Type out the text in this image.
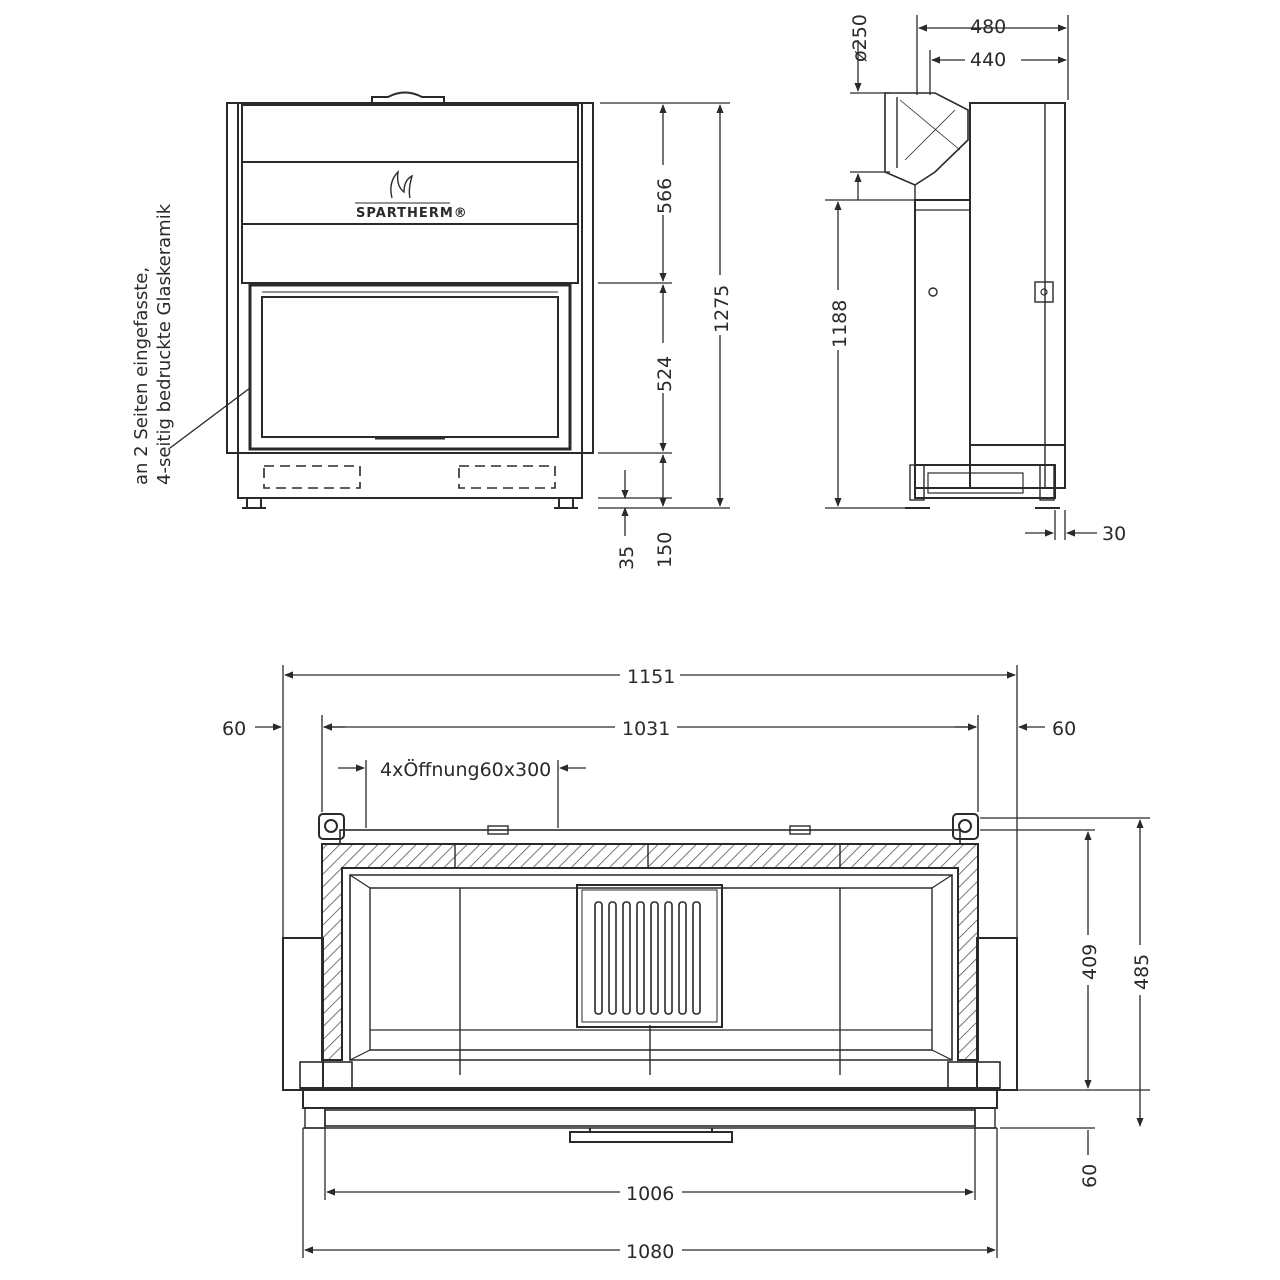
SPARTHERM®
an 2 Seiten eingefasste, 4-seitig bedruckte Glaskeramik
566
524
1275
150
35
480
440
ø250
1188
30
1151
1031
60	60
4xÖffnung60x300
409 485
60
1006
1080
